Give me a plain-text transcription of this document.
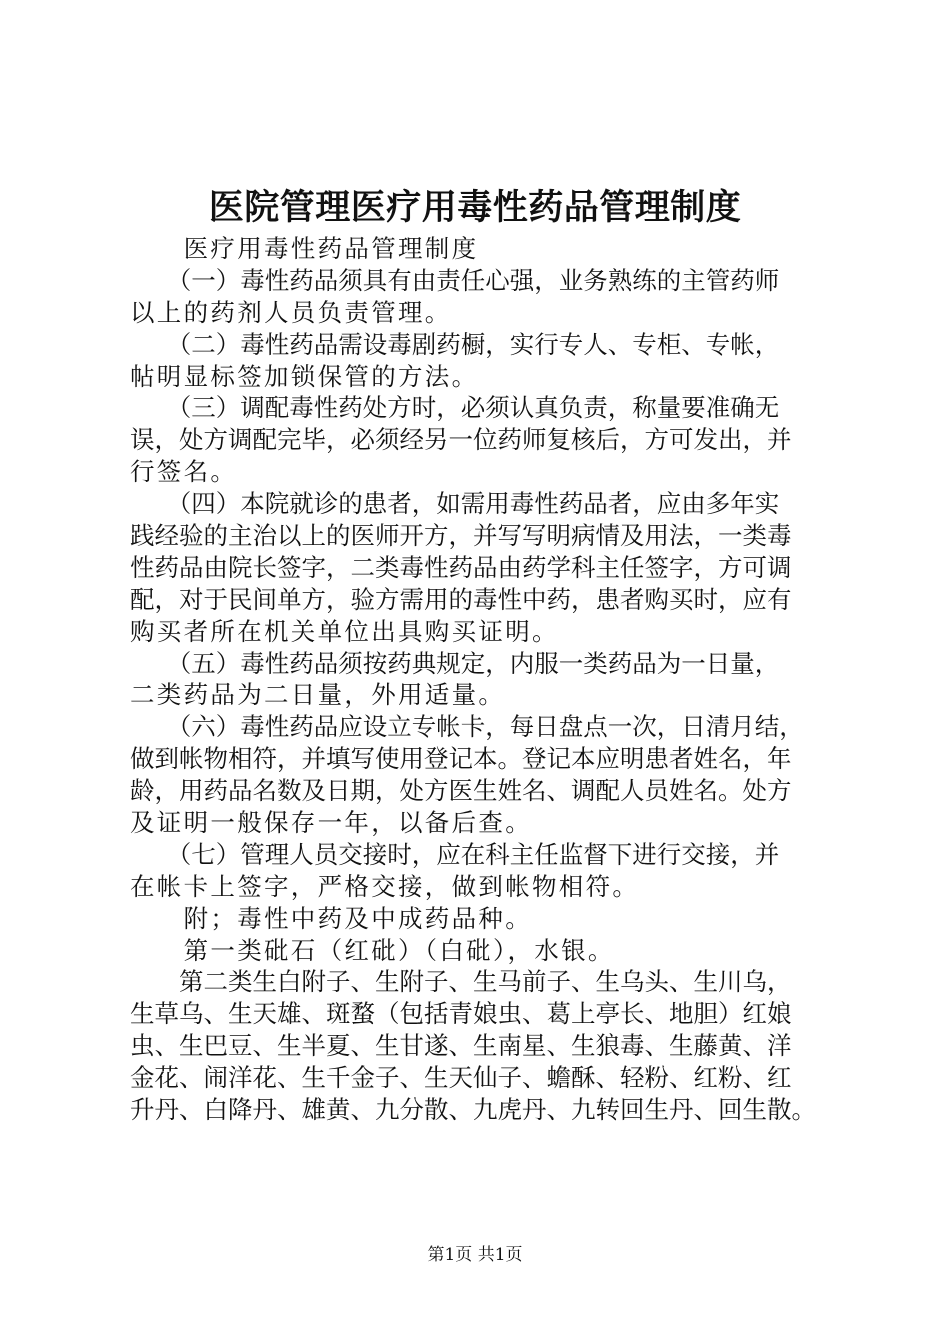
医院管理医疗用毒性药品管理制度
　　医疗用毒性药品管理制度
　　（一）毒性药品须具有由责任心强，业务熟练的主管药师
以上的药剂人员负责管理。
　　（二）毒性药品需设毒剧药橱，实行专人、专柜、专帐，
帖明显标签加锁保管的方法。
　　（三）调配毒性药处方时，必须认真负责，称量要准确无
误，处方调配完毕，必须经另一位药师复核后，方可发出，并
行签名。
　　（四）本院就诊的患者，如需用毒性药品者，应由多年实
践经验的主治以上的医师开方，并写写明病情及用法，一类毒
性药品由院长签字，二类毒性药品由药学科主任签字，方可调
配，对于民间单方，验方需用的毒性中药，患者购买时，应有
购买者所在机关单位出具购买证明。
　　（五）毒性药品须按药典规定，内服一类药品为一日量，
二类药品为二日量，外用适量。
　　（六）毒性药品应设立专帐卡，每日盘点一次，日清月结，
做到帐物相符，并填写使用登记本。登记本应明患者姓名，年
龄，用药品名数及日期，处方医生姓名、调配人员姓名。处方
及证明一般保存一年，以备后查。
　　（七）管理人员交接时，应在科主任监督下进行交接，并
在帐卡上签字，严格交接，做到帐物相符。
　　附；毒性中药及中成药品种。
　　第一类砒石（红砒）（白砒），水银。
　　第二类生白附子、生附子、生马前子、生乌头、生川乌，
生草乌、生天雄、斑蝥（包括青娘虫、葛上亭长、地胆）红娘
虫、生巴豆、生半夏、生甘遂、生南星、生狼毒、生藤黄、洋
金花、闹洋花、生千金子、生天仙子、蟾酥、轻粉、红粉、红
升丹、白降丹、雄黄、九分散、九虎丹、九转回生丹、回生散。
第1页 共1页
